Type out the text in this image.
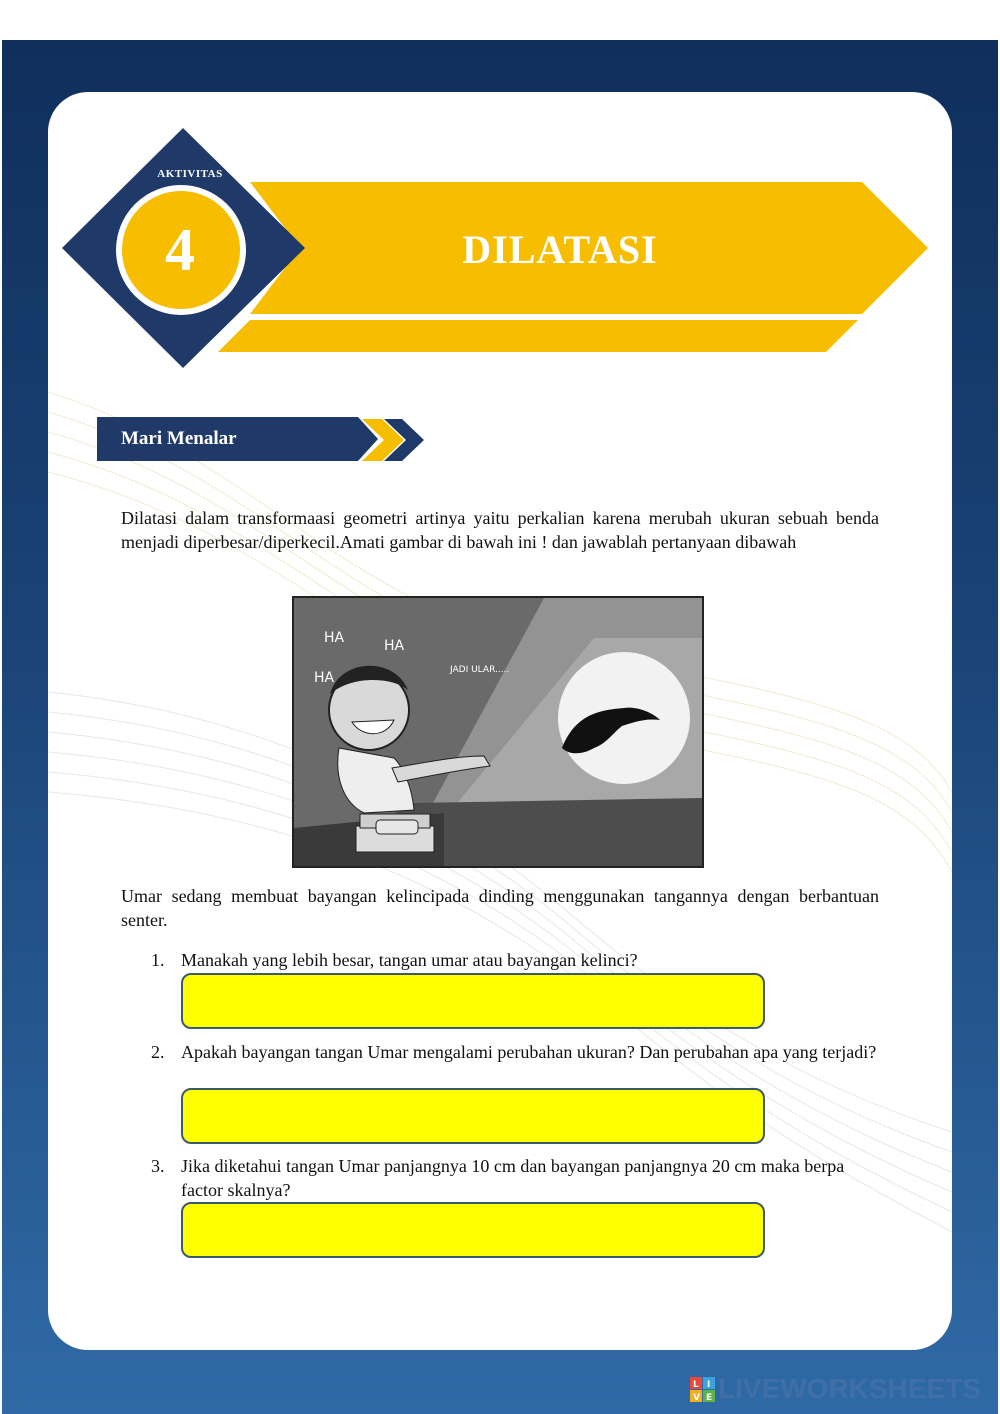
AKTIVITAS
4	DILATASI
Mari Menalar

Dilatasi dalam transformaasi geometri artinya yaitu perkalian karena merubah ukuran sebuah benda menjadi diperbesar/diperkecil.Amati gambar di bawah ini ! dan jawablah pertanyaan dibawah

HA	HA
HA	JADI ULAR.....

Umar sedang membuat bayangan kelincipada dinding menggunakan tangannya dengan berbantuan senter.

1. Manakah yang lebih besar, tangan umar atau bayangan kelinci?
2. Apakah bayangan tangan Umar mengalami perubahan ukuran? Dan perubahan apa yang terjadi?
3. Jika diketahui tangan Umar panjangnya 10 cm dan bayangan panjangnya 20 cm maka berpa factor skalnya?
L I
V E LIVEWORKSHEETS
